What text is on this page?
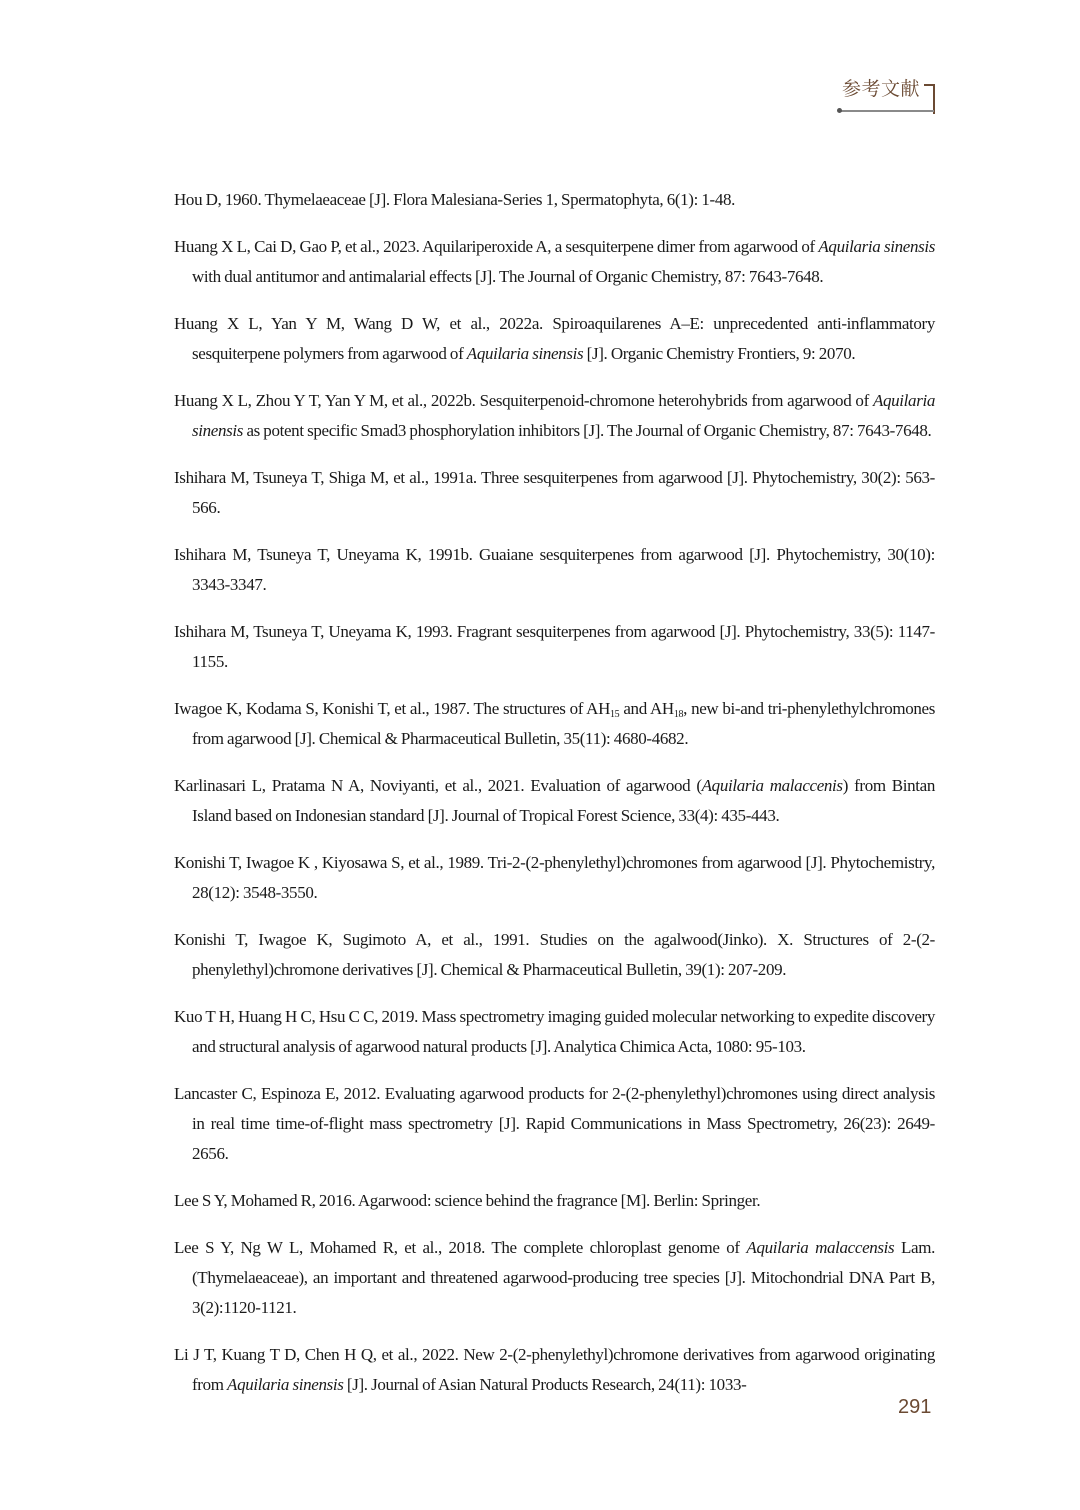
参考文献

Hou D, 1960. Thymelaeaceae [J]. Flora Malesiana-Series 1, Spermatophyta, 6(1): 1-48.

Huang X L, Cai D, Gao P, et al., 2023. Aquilariperoxide A, a sesquiterpene dimer from agarwood of Aquilaria sinensis with dual antitumor and antimalarial effects [J]. The Journal of Organic Chemistry, 87: 7643-7648.

Huang X L, Yan Y M, Wang D W, et al., 2022a. Spiroaquilarenes A–E: unprecedented anti-inflammatory sesquiterpene polymers from agarwood of Aquilaria sinensis [J]. Organic Chemistry Frontiers, 9: 2070.

Huang X L, Zhou Y T, Yan Y M, et al., 2022b. Sesquiterpenoid-chromone heterohybrids from agarwood of Aquilaria sinensis as potent specific Smad3 phosphorylation inhibitors [J]. The Journal of Organic Chemistry, 87: 7643-7648.

Ishihara M, Tsuneya T, Shiga M, et al., 1991a. Three sesquiterpenes from agarwood [J]. Phytochemistry, 30(2): 563-566.

Ishihara M, Tsuneya T, Uneyama K, 1991b. Guaiane sesquiterpenes from agarwood [J]. Phytochemistry, 30(10): 3343-3347.

Ishihara M, Tsuneya T, Uneyama K, 1993. Fragrant sesquiterpenes from agarwood [J]. Phytochemistry, 33(5): 1147-1155.

Iwagoe K, Kodama S, Konishi T, et al., 1987. The structures of $AH_{15}$ and $AH_{18}$, new bi-and tri-phenylethylchromones from agarwood [J]. Chemical & Pharmaceutical Bulletin, 35(11): 4680-4682.

Karlinasari L, Pratama N A, Noviyanti, et al., 2021. Evaluation of agarwood (Aquilaria malaccenis) from Bintan Island based on Indonesian standard [J]. Journal of Tropical Forest Science, 33(4): 435-443.

Konishi T, Iwagoe K , Kiyosawa S, et al., 1989. Tri-2-(2-phenylethyl)chromones from agarwood [J]. Phytochemistry, 28(12): 3548-3550.

Konishi T, Iwagoe K, Sugimoto A, et al., 1991. Studies on the agalwood(Jinko). X. Structures of 2-(2-phenylethyl)chromone derivatives [J]. Chemical & Pharmaceutical Bulletin, 39(1): 207-209.

Kuo T H, Huang H C, Hsu C C, 2019. Mass spectrometry imaging guided molecular networking to expedite discovery and structural analysis of agarwood natural products [J]. Analytica Chimica Acta, 1080: 95-103.

Lancaster C, Espinoza E, 2012. Evaluating agarwood products for 2-(2-phenylethyl)chromones using direct analysis in real time time-of-flight mass spectrometry [J]. Rapid Communications in Mass Spectrometry, 26(23): 2649-2656.

Lee S Y, Mohamed R, 2016. Agarwood: science behind the fragrance [M]. Berlin: Springer.

Lee S Y, Ng W L, Mohamed R, et al., 2018. The complete chloroplast genome of Aquilaria malaccensis Lam. (Thymelaeaceae), an important and threatened agarwood-producing tree species [J]. Mitochondrial DNA Part B, 3(2):1120-1121.

Li J T, Kuang T D, Chen H Q, et al., 2022. New 2-(2-phenylethyl)chromone derivatives from agarwood originating from Aquilaria sinensis [J]. Journal of Asian Natural Products Research, 24(11): 1033-

291
